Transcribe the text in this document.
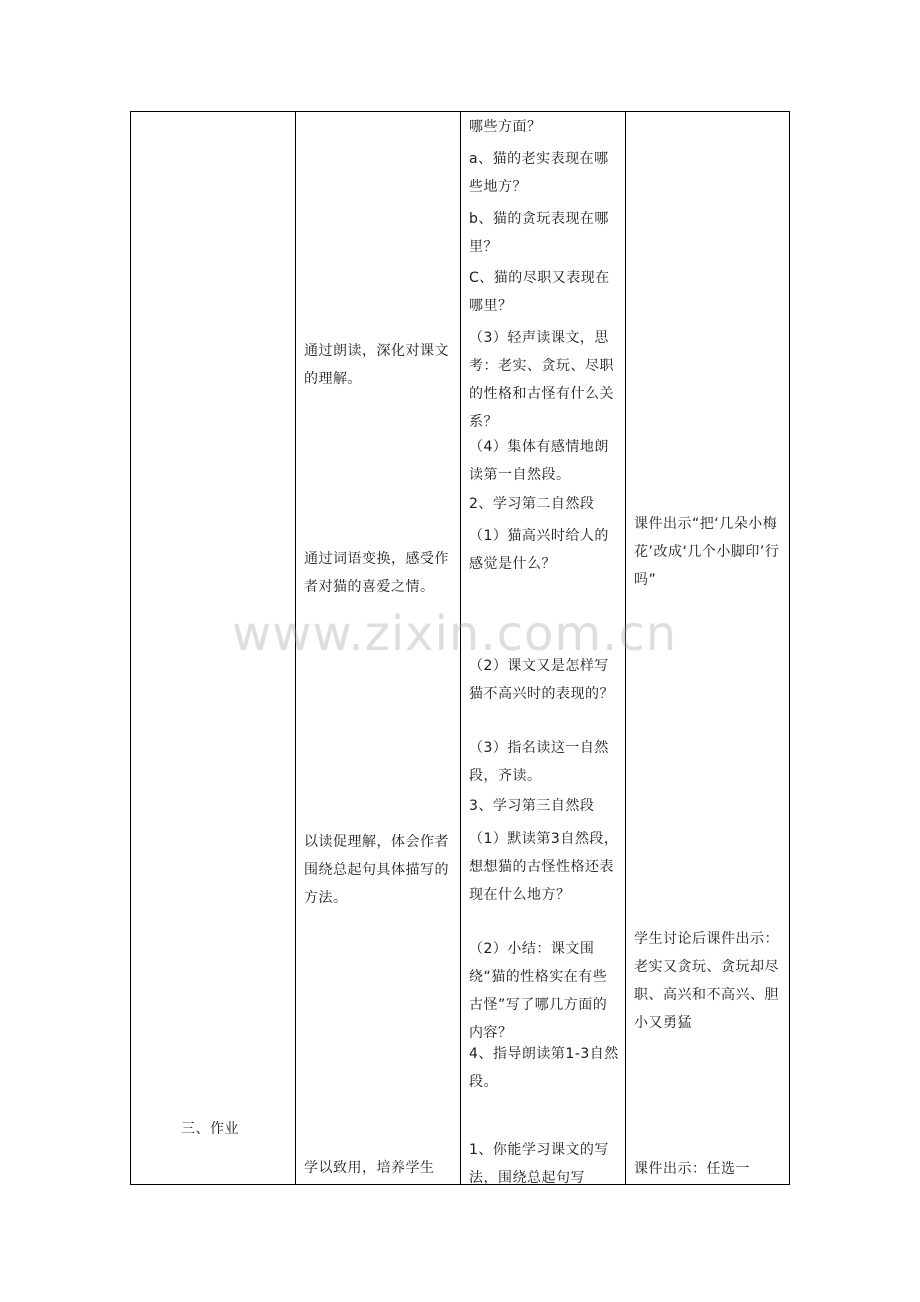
三、作业
通过朗读，深化对课文的理解。
通过词语变换，感受作者对猫的喜爱之情。
以读促理解，体会作者围绕总起句具体描写的方法。
学以致用，培养学生
哪些方面？
a、猫的老实表现在哪些地方？
b、猫的贪玩表现在哪里？
C、猫的尽职又表现在哪里？
（3）轻声读课文，思考：老实、贪玩、尽职的性格和古怪有什么关系？
（4）集体有感情地朗读第一自然段。
2、学习第二自然段
（1）猫高兴时给人的感觉是什么？
（2）课文又是怎样写猫不高兴时的表现的？
（3）指名读这一自然段，齐读。
3、学习第三自然段
（1）默读第3自然段，想想猫的古怪性格还表现在什么地方？
（2）小结：课文围绕“猫的性格实在有些古怪”写了哪几方面的内容？
4、指导朗读第1-3自然段。
1、你能学习课文的写法，围绕总起句写
课件出示“把‘几朵小梅花’改成‘几个小脚印’行吗”
学生讨论后课件出示：老实又贪玩、贪玩却尽职、高兴和不高兴、胆小又勇猛
课件出示：任选一
www.zixin.com.cn
